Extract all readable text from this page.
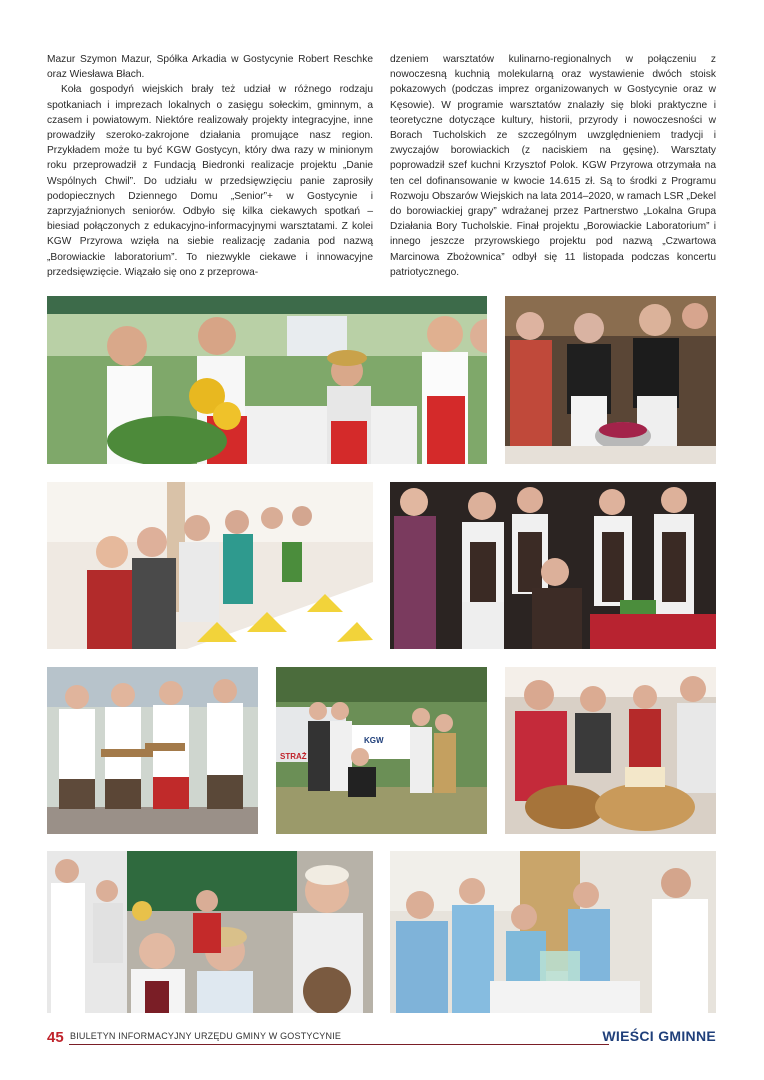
Mazur Szymon Mazur, Spółka Arkadia w Gostycynie Robert Reschke oraz Wiesława Błach.

Koła gospodyń wiejskich brały też udział w różnego rodzaju spotkaniach i imprezach lokalnych o zasięgu sołeckim, gminnym, a czasem i powiatowym. Niektóre realizowały projekty integracyjne, inne prowadziły szeroko-zakrojone działania promujące nasz region. Przykładem może tu być KGW Gostycyn, który dwa razy w minionym roku przeprowadził z Fundacją Biedronki realizacje projektu „Danie Wspólnych Chwil”. Do udziału w przedsięwzięciu panie zaprosiły podopiecznych Dziennego Domu „Senior”+ w Gostycynie i zaprzyjaźnionych seniorów. Odbyło się kilka ciekawych spotkań – biesiad połączonych z edukacyjno-informacyjnymi warsztatami. Z kolei KGW Przyrowa wzięła na siebie realizację zadania pod nazwą „Borowiackie laboratorium”. To niezwykle ciekawe i innowacyjne przedsięwzięcie. Wiązało się ono z przeprowa-

dzeniem warsztatów kulinarno-regionalnych w połączeniu z nowoczesną kuchnią molekularną oraz wystawienie dwóch stoisk pokazowych (podczas imprez organizowanych w Gostycynie oraz w Kęsowie). W programie warsztatów znalazły się bloki praktyczne i teoretyczne dotyczące kultury, historii, przyrody i nowoczesności w Borach Tucholskich ze szczególnym uwzględnieniem tradycji i zwyczajów borowiackich (z naciskiem na gęsinę). Warsztaty poprowadził szef kuchni Krzysztof Polok. KGW Przyrowa otrzymała na ten cel dofinansowanie w kwocie 14.615 zł. Są to środki z Programu Rozwoju Obszarów Wiejskich na lata 2014–2020, w ramach LSR „Dekel do borowiackiej grapy” wdrażanej przez Partnerstwo „Lokalna Grupa Działania Bory Tucholskie. Finał projektu „Borowiackie Laboratorium” i innego jeszcze przyrowskiego projektu pod nazwą „Czwartowa Marcinowa Zbożownica” odbył się 11 listopada podczas koncertu patriotycznego.

STRAŻ
KGW
45 BIULETYN INFORMACYJNY URZĘDU GMINY W GOSTYCYNIE	WIEŚCI GMINNE
